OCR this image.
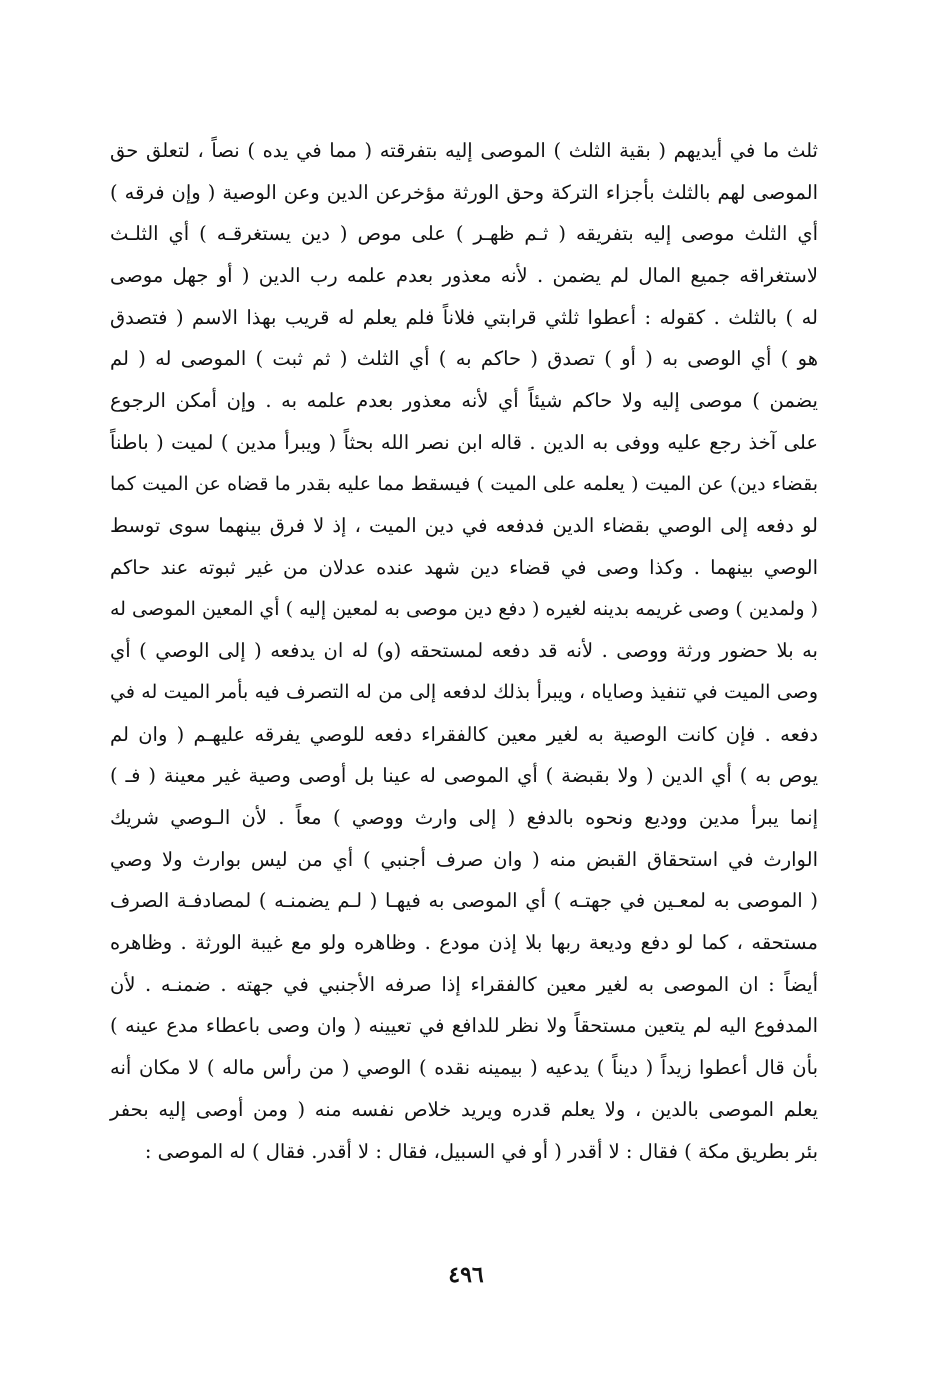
ثلث ما في أيديهم ( بقية الثلث ) الموصى إليه بتفرقته ( مما في يده ) نصاً ، لتعلق حق
الموصى لهم بالثلث بأجزاء التركة وحق الورثة مؤخرعن الدين وعن الوصية ( وإن فرقه )
أي الثلث موصى إليه بتفريقه ( ثـم ظهـر ) على موص ( دين يستغرقـه ) أي الثلـث
لاستغراقه جميع المال لم يضمن . لأنه معذور بعدم علمه رب الدين ( أو جهل موصى
له ) بالثلث . كقوله : أعطوا ثلثي قرابتي فلاناً فلم يعلم له قريب بهذا الاسم ( فتصدق
هو ) أي الوصى به ( أو ) تصدق ( حاكم به ) أي الثلث ( ثم ثبت ) الموصى له ( لم
يضمن ) موصى إليه ولا حاكم شيئاً أي لأنه معذور بعدم علمه به . وإن أمكن الرجوع
على آخذ رجع عليه ووفى به الدين . قاله ابن نصر الله بحثاً ( ويبرأ مدين ) لميت ( باطناً
بقضاء دين) عن الميت ( يعلمه على الميت ) فيسقط مما عليه بقدر ما قضاه عن الميت كما
لو دفعه إلى الوصي بقضاء الدين فدفعه في دين الميت ، إذ لا فرق بينهما سوى توسط
الوصي بينهما . وكذا وصى في قضاء دين شهد عنده عدلان من غير ثبوته عند حاكم
( ولمدين ) وصى غريمه بدينه لغيره ( دفع دين موصى به لمعين إليه ) أي المعين الموصى له
به بلا حضور ورثة ووصى . لأنه قد دفعه لمستحقه (و) له ان يدفعه ( إلى الوصي ) أي
وصى الميت في تنفيذ وصاياه ، ويبرأ بذلك لدفعه إلى من له التصرف فيه بأمر الميت له في
دفعه . فإن كانت الوصية به لغير معين كالفقراء دفعه للوصي يفرقه عليهـم ( وان لم
يوص به ) أي الدين ( ولا بقبضة ) أي الموصى له عينا بل أوصى وصية غير معينة ( فـ )
إنما يبرأ مدين ووديع ونحوه بالدفع ( إلى وارث ووصي ) معاً . لأن الـوصي شريك
الوارث في استحقاق القبض منه ( وان صرف أجنبي ) أي من ليس بوارث ولا وصي
( الموصى به لمعـين في جهتـه ) أي الموصى به فيهـا ( لـم يضمنـه ) لمصادفـة الصرف
مستحقه ، كما لو دفع وديعة ربها بلا إذن مودع . وظاهره ولو مع غيبة الورثة . وظاهره
أيضاً : ان الموصى به لغير معين كالفقراء إذا صرفه الأجنبي في جهته . ضمنـه . لأن
المدفوع اليه لم يتعين مستحقاً ولا نظر للدافع في تعيينه ( وان وصى باعطاء مدع عينه )
بأن قال أعطوا زيداً ( ديناً ) يدعيه ( بيمينه نقده ) الوصي ( من رأس ماله ) لا مكان أنه
يعلم الموصى بالدين ، ولا يعلم قدره ويريد خلاص نفسه منه ( ومن أوصى إليه بحفر
بئر بطريق مكة ) فقال : لا أقدر ( أو في السبيل، فقال : لا أقدر. فقال ) له الموصى :
٤٩٦
